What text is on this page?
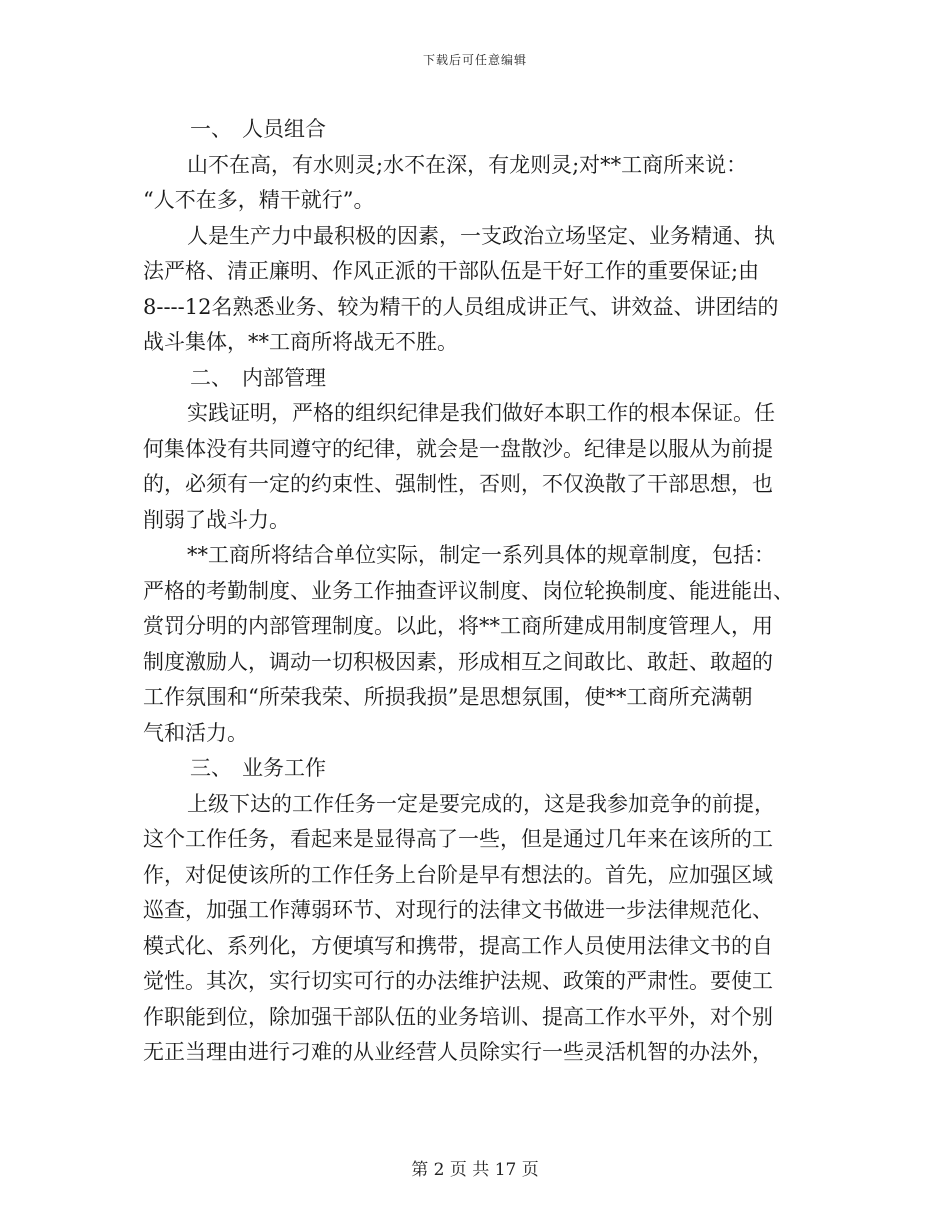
下载后可任意编辑
一、 人员组合
山不在高，有水则灵;水不在深，有龙则灵;对**工商所来说：
“人不在多，精干就行”。
人是生产力中最积极的因素，一支政治立场坚定、业务精通、执
法严格、清正廉明、作风正派的干部队伍是干好工作的重要保证;由
8----12名熟悉业务、较为精干的人员组成讲正气、讲效益、讲团结的
战斗集体，**工商所将战无不胜。
二、 内部管理
实践证明，严格的组织纪律是我们做好本职工作的根本保证。任
何集体没有共同遵守的纪律，就会是一盘散沙。纪律是以服从为前提
的，必须有一定的约束性、强制性，否则，不仅涣散了干部思想，也
削弱了战斗力。
**工商所将结合单位实际，制定一系列具体的规章制度，包括：
严格的考勤制度、业务工作抽查评议制度、岗位轮换制度、能进能出、
赏罚分明的内部管理制度。以此，将**工商所建成用制度管理人，用
制度激励人，调动一切积极因素，形成相互之间敢比、敢赶、敢超的
工作氛围和“所荣我荣、所损我损”是思想氛围，使**工商所充满朝
气和活力。
三、 业务工作
上级下达的工作任务一定是要完成的，这是我参加竞争的前提，
这个工作任务，看起来是显得高了一些，但是通过几年来在该所的工
作，对促使该所的工作任务上台阶是早有想法的。首先，应加强区域
巡查，加强工作薄弱环节、对现行的法律文书做进一步法律规范化、
模式化、系列化，方便填写和携带，提高工作人员使用法律文书的自
觉性。其次，实行切实可行的办法维护法规、政策的严肃性。要使工
作职能到位，除加强干部队伍的业务培训、提高工作水平外，对个别
无正当理由进行刁难的从业经营人员除实行一些灵活机智的办法外，
第 2 页 共 17 页
